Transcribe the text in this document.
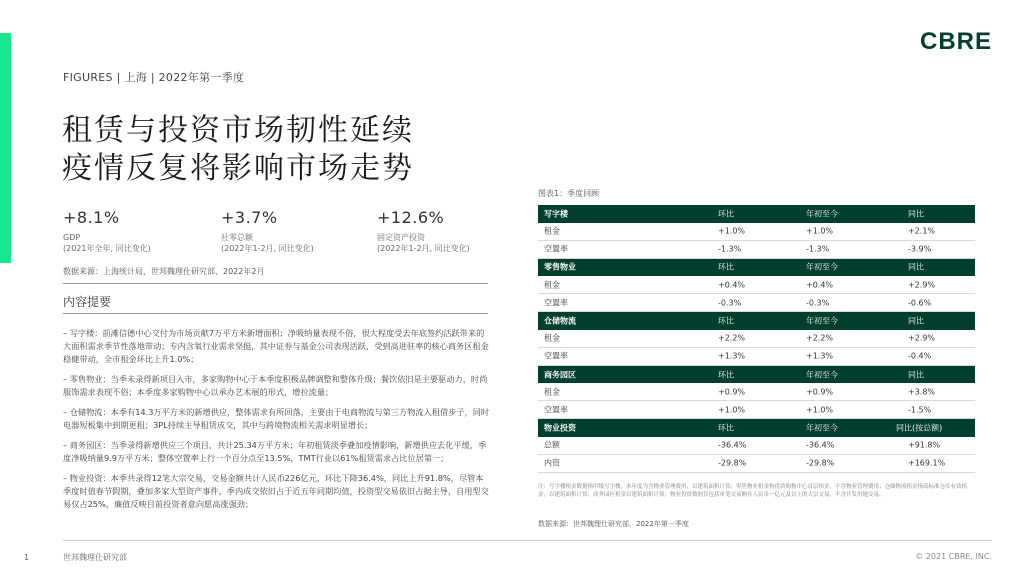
CBRE
FIGURES | 上海 | 2022年第一季度
租赁与投资市场韧性延续
疫情反复将影响市场走势
+8.1%
GDP
(2021年全年, 同比变化)
+3.7%
社零总额
(2022年1-2月, 同比变化)
+12.6%
固定资产投资
(2022年1-2月, 同比变化)
数据来源：上海统计局，世邦魏理仕研究部，2022年2月
内容提要
– 写字楼：前滩信德中心交付为市场贡献7万平方米新增面积；净吸纳量表现不俗，很大程度受去年底签约活跃带来的大面积需求季节性落地带动；专内含氧行业需求坚挺，其中证券与基金公司表现活跃，受到高进驻率的核心商务区租金稳健带动，全市租金环比上升1.0%；
– 零售物业：当季未录得新项目入市，多家购物中心于本季度积极品牌调整和整体升级；餐饮依旧是主要驱动力，时尚服饰需求表现不俗；本季度多家购物中心以承办艺术展的形式，增拉流量；
– 仓储物流：本季有14.3万平方米的新增供应，整体需求有所回落，主要由于电商物流与第三方物流入租借步子，同时电器短板集中到期更租；3PL持续主导租赁成交，其中与跨境物流相关需求明显增长；
– 商务园区：当季录得新增供应三个项目，共计25.34万平方米；年初租赁淡季叠加疫情影响，新增供应去化平缓，季度净吸纳量9.9万平方米；整体空置率上行一个百分点至13.5%，TMT行业以61%租赁需求占比位居第一；
– 物业投资：本季共录得12笔大宗交易，交易金额共计人民币226亿元，环比下降36.4%，同比上升91.8%，尽管本季度时值春节假期，叠加多家大型资产事件，季内成交依旧占于近五年同期均值，投资型交易依旧占据主导，自用型交易仅占25%，廉值反映目前投资者意向愿高涨强劲；
图表1：季度回顾
写字楼	环比	年初至今	同比
租金	+1.0%	+1.0%	+2.1%
空置率	-1.3%	-1.3%	-3.9%
零售物业	环比	年初至今	同比
租金	+0.4%	+0.4%	+2.9%
空置率	-0.3%	-0.3%	-0.6%
仓储物流	环比	年初至今	同比
租金	+2.2%	+2.2%	+2.9%
空置率	+1.3%	+1.3%	-0.4%
商务园区	环比	年初至今	同比
租金	+0.9%	+0.9%	+3.8%
空置率	+1.0%	+1.0%	-1.5%
物业投资	环比	年初至今	同比(按总额)
总额	-36.4%	-36.4%	+91.8%
内资	-29.8%	-29.8%	+169.1%
注：写字楼租金数据指甲级写字楼，本年度为含物业管理费用，以建筑面积计算；零售物业租金指优质购物中心首层租金，不含物业管理费用；仓储物流租金指高标准仓库有效租金，以建筑面积计算；商务园区租金以建筑面积计算；物业投资数据仅包括单笔交易额在人民币一亿元及以上的大宗交易，不含开发用地交易。
数据来源：世邦魏理仕研究部，2022年第一季度
1	世邦魏理仕研究部	© 2021 CBRE, INC.
